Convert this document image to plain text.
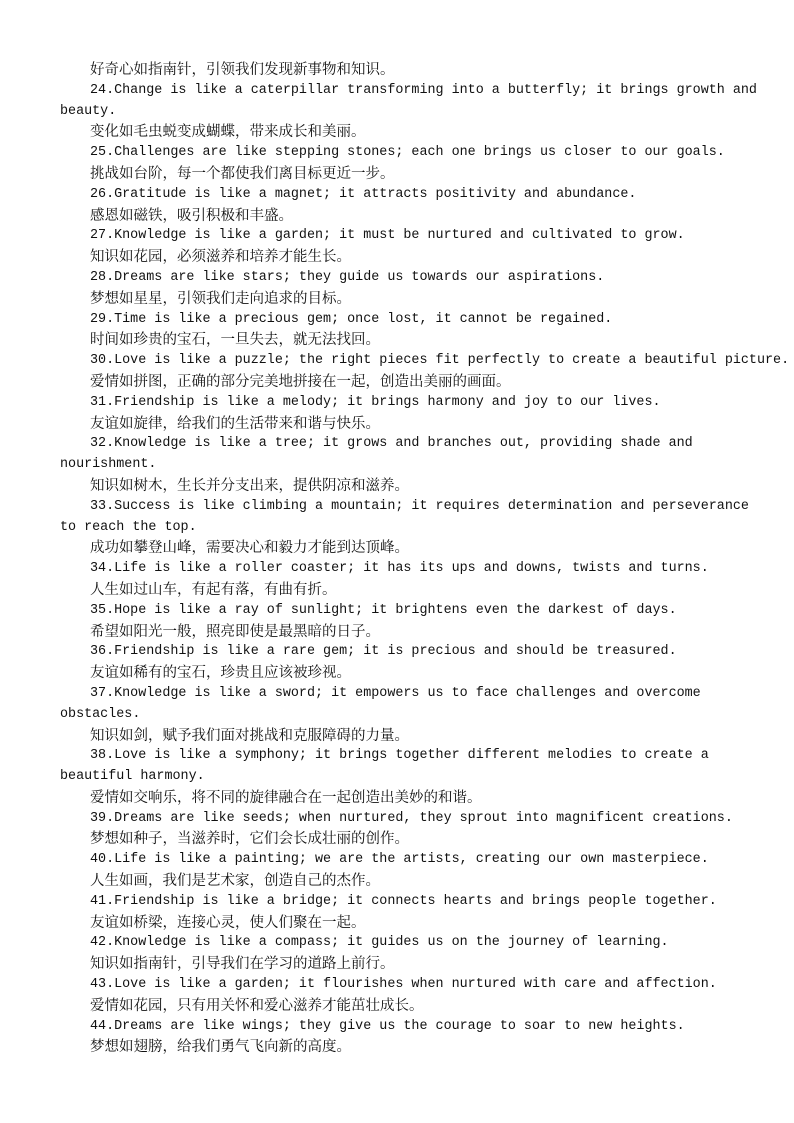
好奇心如指南针，引领我们发现新事物和知识。

24.Change is like a caterpillar transforming into a butterfly; it brings growth and

beauty.

变化如毛虫蜕变成蝴蝶，带来成长和美丽。

25.Challenges are like stepping stones; each one brings us closer to our goals.

挑战如台阶，每一个都使我们离目标更近一步。

26.Gratitude is like a magnet; it attracts positivity and abundance.

感恩如磁铁，吸引积极和丰盛。

27.Knowledge is like a garden; it must be nurtured and cultivated to grow.

知识如花园，必须滋养和培养才能生长。

28.Dreams are like stars; they guide us towards our aspirations.

梦想如星星，引领我们走向追求的目标。

29.Time is like a precious gem; once lost, it cannot be regained.

时间如珍贵的宝石，一旦失去，就无法找回。

30.Love is like a puzzle; the right pieces fit perfectly to create a beautiful picture.

爱情如拼图，正确的部分完美地拼接在一起，创造出美丽的画面。

31.Friendship is like a melody; it brings harmony and joy to our lives.

友谊如旋律，给我们的生活带来和谐与快乐。

32.Knowledge is like a tree; it grows and branches out, providing shade and

nourishment.

知识如树木，生长并分支出来，提供阴凉和滋养。

33.Success is like climbing a mountain; it requires determination and perseverance

to reach the top.

成功如攀登山峰，需要决心和毅力才能到达顶峰。

34.Life is like a roller coaster; it has its ups and downs, twists and turns.

人生如过山车，有起有落，有曲有折。

35.Hope is like a ray of sunlight; it brightens even the darkest of days.

希望如阳光一般，照亮即使是最黑暗的日子。

36.Friendship is like a rare gem; it is precious and should be treasured.

友谊如稀有的宝石，珍贵且应该被珍视。

37.Knowledge is like a sword; it empowers us to face challenges and overcome

obstacles.

知识如剑，赋予我们面对挑战和克服障碍的力量。

38.Love is like a symphony; it brings together different melodies to create a

beautiful harmony.

爱情如交响乐，将不同的旋律融合在一起创造出美妙的和谐。

39.Dreams are like seeds; when nurtured, they sprout into magnificent creations.

梦想如种子，当滋养时，它们会长成壮丽的创作。

40.Life is like a painting; we are the artists, creating our own masterpiece.

人生如画，我们是艺术家，创造自己的杰作。

41.Friendship is like a bridge; it connects hearts and brings people together.

友谊如桥梁，连接心灵，使人们聚在一起。

42.Knowledge is like a compass; it guides us on the journey of learning.

知识如指南针，引导我们在学习的道路上前行。

43.Love is like a garden; it flourishes when nurtured with care and affection.

爱情如花园，只有用关怀和爱心滋养才能茁壮成长。

44.Dreams are like wings; they give us the courage to soar to new heights.

梦想如翅膀，给我们勇气飞向新的高度。
